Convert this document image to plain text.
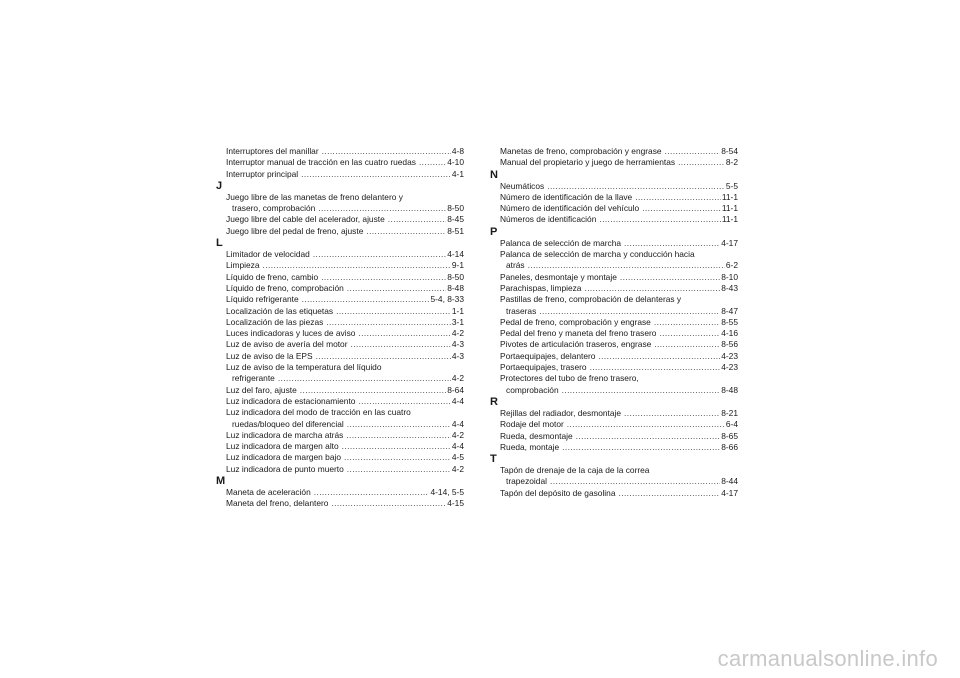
Interruptores del manillar .....	4-8
Interruptor manual de tracción en las cuatro ruedas .....	4-10
Interruptor principal .....	4-1
J
Juego libre de las manetas de freno delantero y
trasero, comprobación .....	8-50
Juego libre del cable del acelerador, ajuste .....	8-45
Juego libre del pedal de freno, ajuste .....	8-51
L
Limitador de velocidad .....	4-14
Limpieza .....	9-1
Líquido de freno, cambio .....	8-50
Líquido de freno, comprobación .....	8-48
Líquido refrigerante .....	5-4, 8-33
Localización de las etiquetas .....	1-1
Localización de las piezas .....	3-1
Luces indicadoras y luces de aviso .....	4-2
Luz de aviso de avería del motor .....	4-3
Luz de aviso de la EPS .....	4-3
Luz de aviso de la temperatura del líquido
refrigerante .....	4-2
Luz del faro, ajuste .....	8-64
Luz indicadora de estacionamiento .....	4-4
Luz indicadora del modo de tracción en las cuatro
ruedas/bloqueo del diferencial .....	4-4
Luz indicadora de marcha atrás .....	4-2
Luz indicadora de margen alto .....	4-4
Luz indicadora de margen bajo .....	4-5
Luz indicadora de punto muerto .....	4-2
M
Maneta de aceleración .....	4-14, 5-5
Maneta del freno, delantero .....	4-15
Manetas de freno, comprobación y engrase .....	8-54
Manual del propietario y juego de herramientas .....	8-2
N
Neumáticos .....	5-5
Número de identificación de la llave .....	11-1
Número de identificación del vehículo .....	11-1
Números de identificación .....	11-1
P
Palanca de selección de marcha .....	4-17
Palanca de selección de marcha y conducción hacia
atrás .....	6-2
Paneles, desmontaje y montaje .....	8-10
Parachispas, limpieza .....	8-43
Pastillas de freno, comprobación de delanteras y
traseras .....	8-47
Pedal de freno, comprobación y engrase .....	8-55
Pedal del freno y maneta del freno trasero .....	4-16
Pivotes de articulación traseros, engrase .....	8-56
Portaequipajes, delantero .....	4-23
Portaequipajes, trasero .....	4-23
Protectores del tubo de freno trasero,
comprobación .....	8-48
R
Rejillas del radiador, desmontaje .....	8-21
Rodaje del motor .....	6-4
Rueda, desmontaje .....	8-65
Rueda, montaje .....	8-66
T
Tapón de drenaje de la caja de la correa
trapezoidal .....	8-44
Tapón del depósito de gasolina .....	4-17
carmanualsonline.info
